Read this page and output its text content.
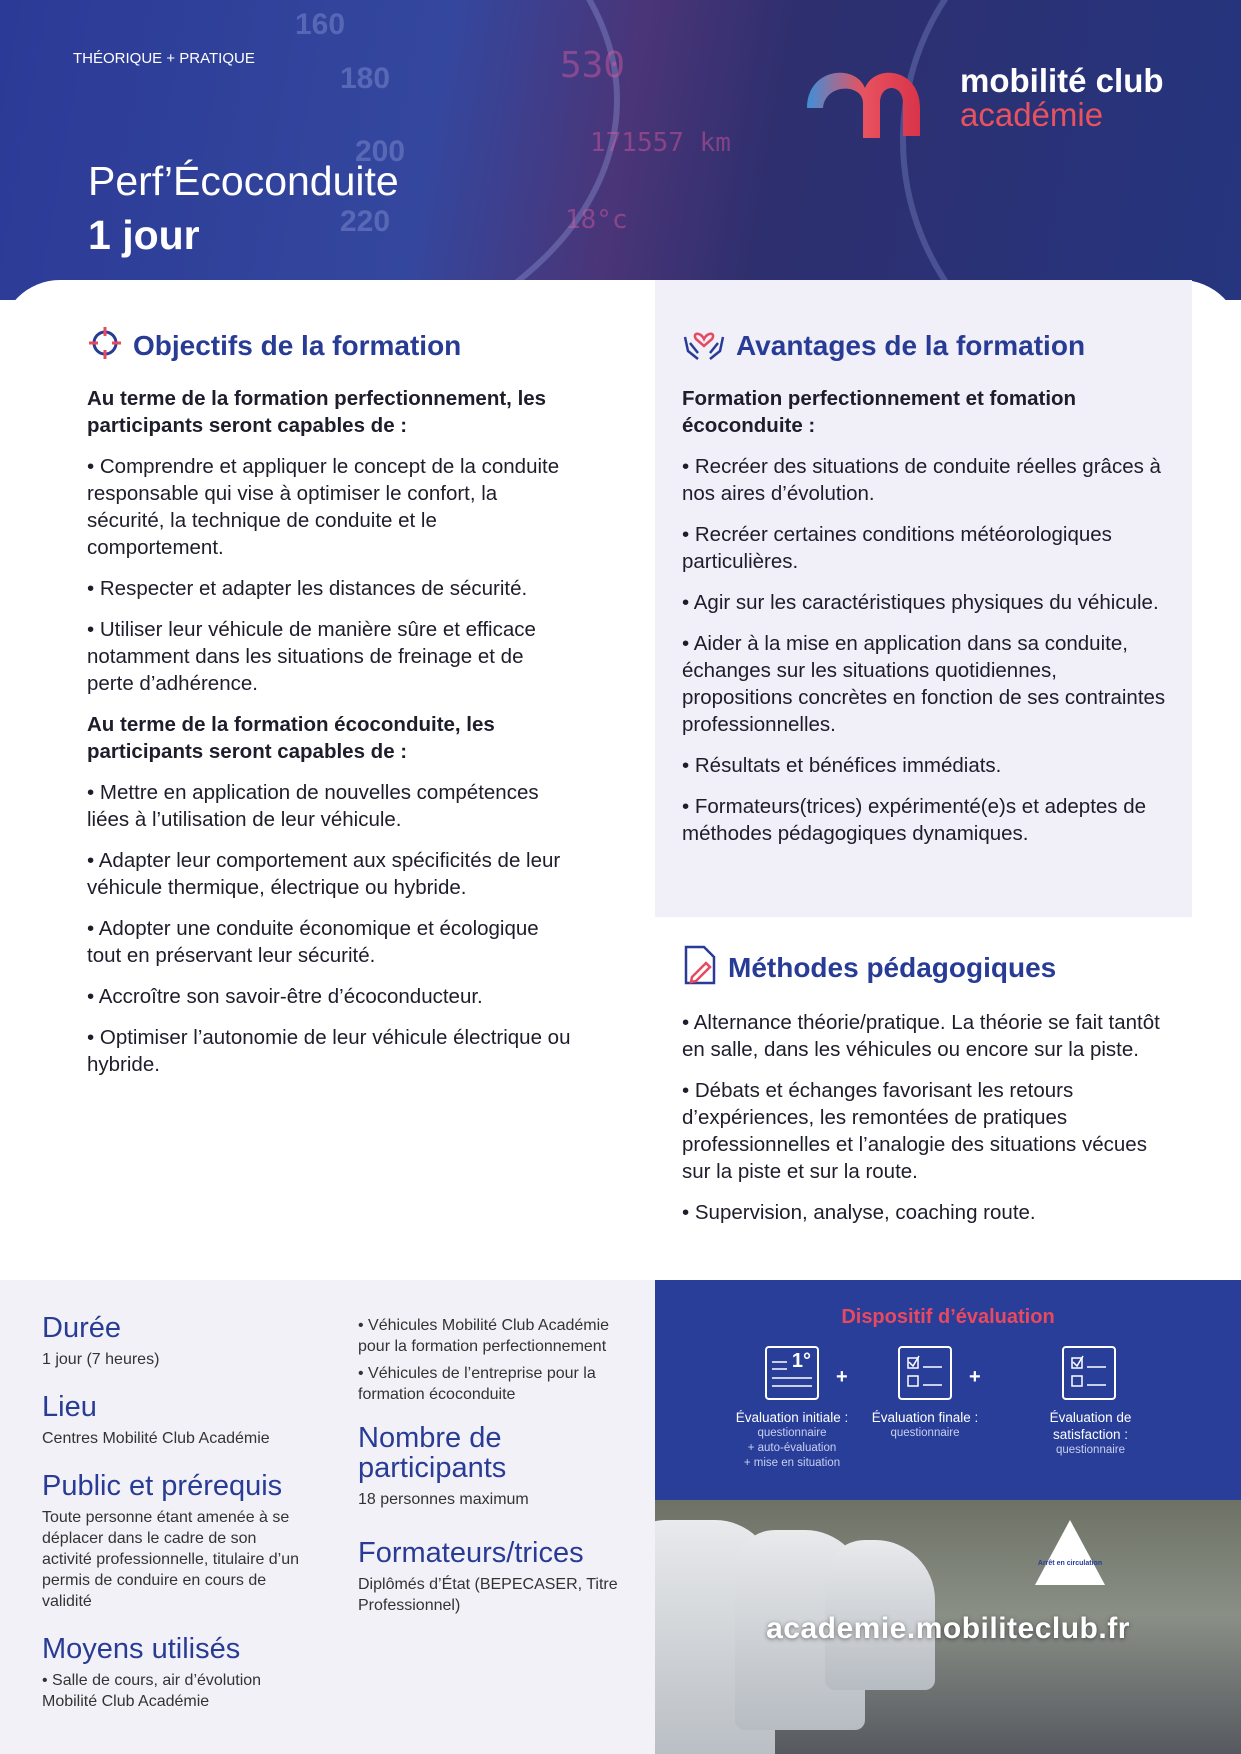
160
180
200
220
530
171557 km
18°c
THÉORIQUE + PRATIQUE
Perf’Écoconduite
1 jour
mobilité club
académie
Objectifs de la formation

Au terme de la formation perfectionnement, les participants seront capables de :

• Comprendre et appliquer le concept de la conduite responsable qui vise à optimiser le confort, la sécurité, la technique de conduite et le comportement.

• Respecter et adapter les distances de sécurité.

• Utiliser leur véhicule de manière sûre et efficace notamment dans les situations de freinage et de perte d’adhérence.

Au terme de la formation écoconduite, les participants seront capables de :

• Mettre en application de nouvelles compétences liées à l’utilisation de leur véhicule.

• Adapter leur comportement aux spécificités de leur véhicule thermique, électrique ou hybride.

• Adopter une conduite économique et écologique tout en préservant leur sécurité.

• Accroître son savoir-être d’écoconducteur.

• Optimiser l’autonomie de leur véhicule électrique ou hybride.

Avantages de la formation

Formation perfectionnement et fomation écoconduite :

• Recréer des situations de conduite réelles grâces à nos aires d’évolution.

• Recréer certaines conditions météorologiques particulières.

• Agir sur les caractéristiques physiques du véhicule.

• Aider à la mise en application dans sa conduite, échanges sur les situations quotidiennes, propositions concrètes en fonction de ses contraintes professionnelles.

• Résultats et bénéfices immédiats.

• Formateurs(trices) expérimenté(e)s et adeptes de méthodes pédagogiques dynamiques.

Méthodes pédagogiques

• Alternance théorie/pratique. La théorie se fait tantôt en salle, dans les véhicules ou encore sur la piste.

• Débats et échanges favorisant les retours d’expériences, les remontées de pratiques professionnelles et l’analogie des situations vécues sur la piste et sur la route.

• Supervision, analyse, coaching route.

Durée

1 jour (7 heures)

Lieu

Centres Mobilité Club Académie

Public et prérequis

Toute personne étant amenée à se déplacer dans le cadre de son activité professionnelle, titulaire d’un permis de conduire en cours de validité

Moyens utilisés

• Salle de cours, air d’évolution Mobilité Club Académie

• Véhicules Mobilité Club Académie pour la formation perfectionnement

• Véhicules de l’entreprise pour la formation écoconduite

Nombre de participants

18 personnes maximum

Formateurs/trices

Diplômés d’État (BEPECASER, Titre Professionnel)

Dispositif d’évaluation
1°
+	+
Évaluation initiale :
questionnaire
+ auto-évaluation
+ mise en situation
Évaluation finale :
questionnaire
Évaluation de satisfaction :
questionnaire
Arrêt en circulation
academie.mobiliteclub.fr
